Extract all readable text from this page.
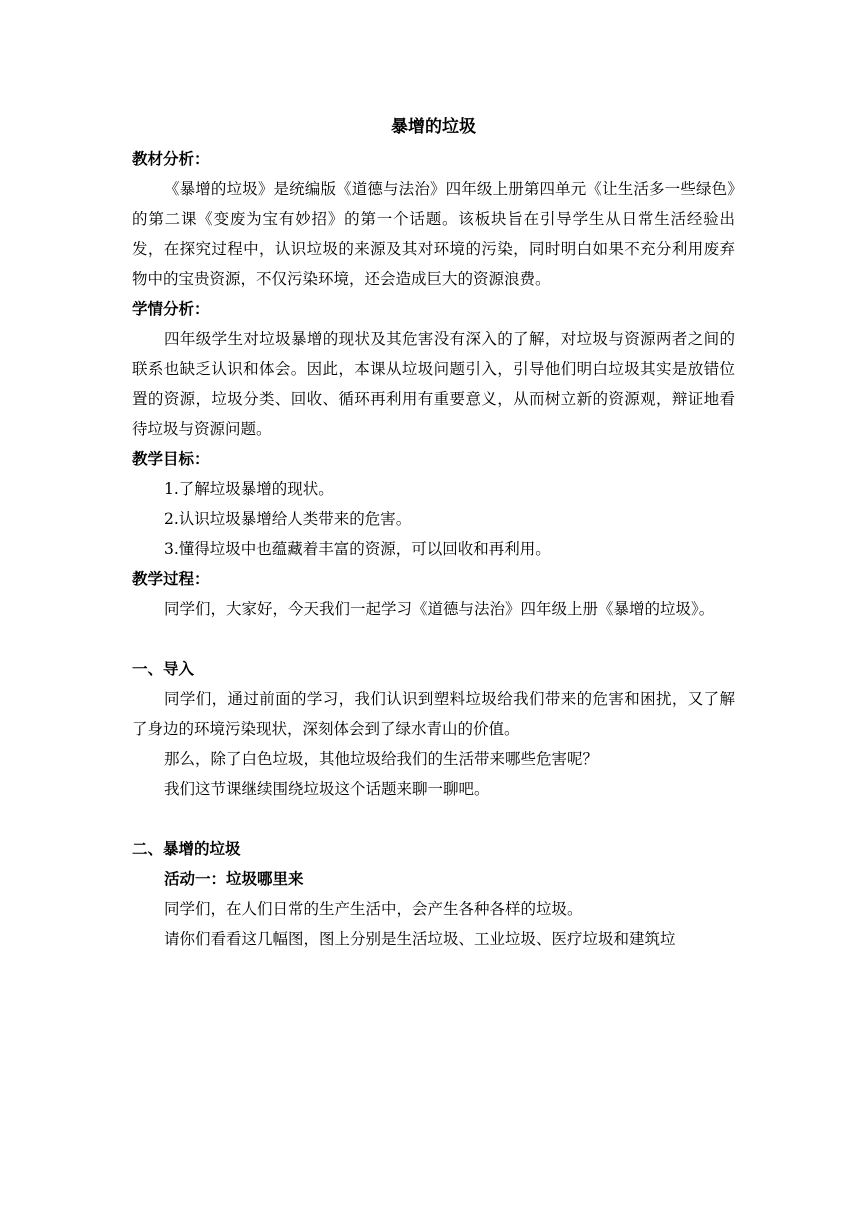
暴增的垃圾
教材分析：

《暴增的垃圾》是统编版《道德与法治》四年级上册第四单元《让生活多一些绿色》的第二课《变废为宝有妙招》的第一个话题。该板块旨在引导学生从日常生活经验出发，在探究过程中，认识垃圾的来源及其对环境的污染，同时明白如果不充分利用废弃物中的宝贵资源，不仅污染环境，还会造成巨大的资源浪费。

学情分析：

四年级学生对垃圾暴增的现状及其危害没有深入的了解，对垃圾与资源两者之间的联系也缺乏认识和体会。因此，本课从垃圾问题引入，引导他们明白垃圾其实是放错位置的资源，垃圾分类、回收、循环再利用有重要意义，从而树立新的资源观，辩证地看待垃圾与资源问题。

教学目标：

1.了解垃圾暴增的现状。

2.认识垃圾暴增给人类带来的危害。

3.懂得垃圾中也蕴藏着丰富的资源，可以回收和再利用。

教学过程：

同学们，大家好，今天我们一起学习《道德与法治》四年级上册《暴增的垃圾》。

一、导入

同学们，通过前面的学习，我们认识到塑料垃圾给我们带来的危害和困扰，又了解了身边的环境污染现状，深刻体会到了绿水青山的价值。

那么，除了白色垃圾，其他垃圾给我们的生活带来哪些危害呢？

我们这节课继续围绕垃圾这个话题来聊一聊吧。

二、暴增的垃圾
活动一：垃圾哪里来

同学们，在人们日常的生产生活中，会产生各种各样的垃圾。

请你们看看这几幅图，图上分别是生活垃圾、工业垃圾、医疗垃圾和建筑垃
